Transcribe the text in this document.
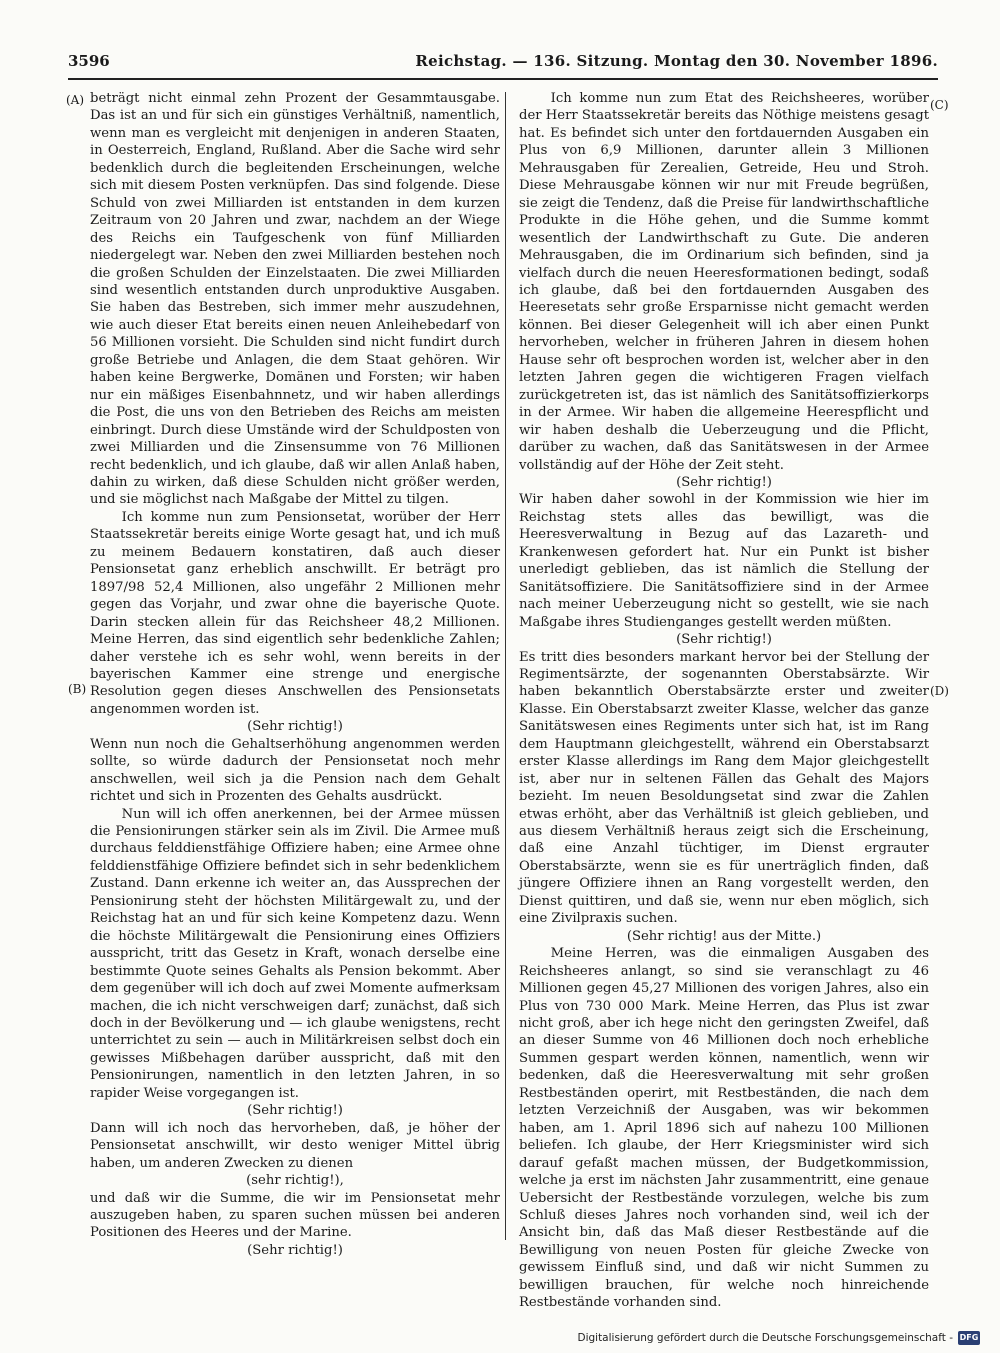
3596	Reichstag. — 136. Sitzung. Montag den 30. November 1896.
(A)
(B)
(C)
(D)

beträgt nicht einmal zehn Prozent der Gesammtausgabe. Das ist an und für sich ein günstiges Verhältniß, namentlich, wenn man es vergleicht mit denjenigen in anderen Staaten, in Oesterreich, England, Rußland. Aber die Sache wird sehr bedenklich durch die begleitenden Erscheinungen, welche sich mit diesem Posten verknüpfen. Das sind folgende. Diese Schuld von zwei Milliarden ist entstanden in dem kurzen Zeitraum von 20 Jahren und zwar, nachdem an der Wiege des Reichs ein Taufgeschenk von fünf Milliarden niedergelegt war. Neben den zwei Milliarden bestehen noch die großen Schulden der Einzelstaaten. Die zwei Milliarden sind wesentlich entstanden durch unproduktive Ausgaben. Sie haben das Bestreben, sich immer mehr auszudehnen, wie auch dieser Etat bereits einen neuen Anleihebedarf von 56 Millionen vorsieht. Die Schulden sind nicht fundirt durch große Betriebe und Anlagen, die dem Staat gehören. Wir haben keine Bergwerke, Domänen und Forsten; wir haben nur ein mäßiges Eisenbahnnetz, und wir haben allerdings die Post, die uns von den Betrieben des Reichs am meisten einbringt. Durch diese Umstände wird der Schuldposten von zwei Milliarden und die Zinsensumme von 76 Millionen recht bedenklich, und ich glaube, daß wir allen Anlaß haben, dahin zu wirken, daß diese Schulden nicht größer werden, und sie möglichst nach Maßgabe der Mittel zu tilgen.

Ich komme nun zum Pensionsetat, worüber der Herr Staatssekretär bereits einige Worte gesagt hat, und ich muß zu meinem Bedauern konstatiren, daß auch dieser Pensionsetat ganz erheblich anschwillt. Er beträgt pro 1897/98 52,4 Millionen, also ungefähr 2 Millionen mehr gegen das Vorjahr, und zwar ohne die bayerische Quote. Darin stecken allein für das Reichsheer 48,2 Millionen. Meine Herren, das sind eigentlich sehr bedenkliche Zahlen; daher verstehe ich es sehr wohl, wenn bereits in der bayerischen Kammer eine strenge und energische Resolution gegen dieses Anschwellen des Pensionsetats angenommen worden ist.

(Sehr richtig!)

Wenn nun noch die Gehaltserhöhung angenommen werden sollte, so würde dadurch der Pensionsetat noch mehr anschwellen, weil sich ja die Pension nach dem Gehalt richtet und sich in Prozenten des Gehalts ausdrückt.

Nun will ich offen anerkennen, bei der Armee müssen die Pensionirungen stärker sein als im Zivil. Die Armee muß durchaus felddienstfähige Offiziere haben; eine Armee ohne felddienstfähige Offiziere befindet sich in sehr bedenklichem Zustand. Dann erkenne ich weiter an, das Aussprechen der Pensionirung steht der höchsten Militärgewalt zu, und der Reichstag hat an und für sich keine Kompetenz dazu. Wenn die höchste Militärgewalt die Pensionirung eines Offiziers ausspricht, tritt das Gesetz in Kraft, wonach derselbe eine bestimmte Quote seines Gehalts als Pension bekommt. Aber dem gegenüber will ich doch auf zwei Momente aufmerksam machen, die ich nicht verschweigen darf; zunächst, daß sich doch in der Bevölkerung und — ich glaube wenigstens, recht unterrichtet zu sein — auch in Militärkreisen selbst doch ein gewisses Mißbehagen darüber ausspricht, daß mit den Pensionirungen, namentlich in den letzten Jahren, in so rapider Weise vorgegangen ist.

(Sehr richtig!)

Dann will ich noch das hervorheben, daß, je höher der Pensionsetat anschwillt, wir desto weniger Mittel übrig haben, um anderen Zwecken zu dienen

(sehr richtig!),

und daß wir die Summe, die wir im Pensionsetat mehr auszugeben haben, zu sparen suchen müssen bei anderen Positionen des Heeres und der Marine.

(Sehr richtig!)

Ich komme nun zum Etat des Reichsheeres, worüber der Herr Staatssekretär bereits das Nöthige meistens gesagt hat. Es befindet sich unter den fortdauernden Ausgaben ein Plus von 6,9 Millionen, darunter allein 3 Millionen Mehrausgaben für Zerealien, Getreide, Heu und Stroh. Diese Mehrausgabe können wir nur mit Freude begrüßen, sie zeigt die Tendenz, daß die Preise für landwirthschaftliche Produkte in die Höhe gehen, und die Summe kommt wesentlich der Landwirthschaft zu Gute. Die anderen Mehrausgaben, die im Ordinarium sich befinden, sind ja vielfach durch die neuen Heeresformationen bedingt, sodaß ich glaube, daß bei den fortdauernden Ausgaben des Heeresetats sehr große Ersparnisse nicht gemacht werden können. Bei dieser Gelegenheit will ich aber einen Punkt hervorheben, welcher in früheren Jahren in diesem hohen Hause sehr oft besprochen worden ist, welcher aber in den letzten Jahren gegen die wichtigeren Fragen vielfach zurückgetreten ist, das ist nämlich des Sanitätsoffizierkorps in der Armee. Wir haben die allgemeine Heerespflicht und wir haben deshalb die Ueberzeugung und die Pflicht, darüber zu wachen, daß das Sanitätswesen in der Armee vollständig auf der Höhe der Zeit steht.

(Sehr richtig!)

Wir haben daher sowohl in der Kommission wie hier im Reichstag stets alles das bewilligt, was die Heeresverwaltung in Bezug auf das Lazareth- und Krankenwesen gefordert hat. Nur ein Punkt ist bisher unerledigt geblieben, das ist nämlich die Stellung der Sanitätsoffiziere. Die Sanitätsoffiziere sind in der Armee nach meiner Ueberzeugung nicht so gestellt, wie sie nach Maßgabe ihres Studienganges gestellt werden müßten.

(Sehr richtig!)

Es tritt dies besonders markant hervor bei der Stellung der Regimentsärzte, der sogenannten Oberstabsärzte. Wir haben bekanntlich Oberstabsärzte erster und zweiter Klasse. Ein Oberstabsarzt zweiter Klasse, welcher das ganze Sanitätswesen eines Regiments unter sich hat, ist im Rang dem Hauptmann gleichgestellt, während ein Oberstabsarzt erster Klasse allerdings im Rang dem Major gleichgestellt ist, aber nur in seltenen Fällen das Gehalt des Majors bezieht. Im neuen Besoldungsetat sind zwar die Zahlen etwas erhöht, aber das Verhältniß ist gleich geblieben, und aus diesem Verhältniß heraus zeigt sich die Erscheinung, daß eine Anzahl tüchtiger, im Dienst ergrauter Oberstabsärzte, wenn sie es für unerträglich finden, daß jüngere Offiziere ihnen an Rang vorgestellt werden, den Dienst quittiren, und daß sie, wenn nur eben möglich, sich eine Zivilpraxis suchen.

(Sehr richtig! aus der Mitte.)

Meine Herren, was die einmaligen Ausgaben des Reichsheeres anlangt, so sind sie veranschlagt zu 46 Millionen gegen 45,27 Millionen des vorigen Jahres, also ein Plus von 730 000 Mark. Meine Herren, das Plus ist zwar nicht groß, aber ich hege nicht den geringsten Zweifel, daß an dieser Summe von 46 Millionen doch noch erhebliche Summen gespart werden können, namentlich, wenn wir bedenken, daß die Heeresverwaltung mit sehr großen Restbeständen operirt, mit Restbeständen, die nach dem letzten Verzeichniß der Ausgaben, was wir bekommen haben, am 1. April 1896 sich auf nahezu 100 Millionen beliefen. Ich glaube, der Herr Kriegsminister wird sich darauf gefaßt machen müssen, der Budgetkommission, welche ja erst im nächsten Jahr zusammentritt, eine genaue Uebersicht der Restbestände vorzulegen, welche bis zum Schluß dieses Jahres noch vorhanden sind, weil ich der Ansicht bin, daß das Maß dieser Restbestände auf die Bewilligung von neuen Posten für gleiche Zwecke von gewissem Einfluß sind, und daß wir nicht Summen zu bewilligen brauchen, für welche noch hinreichende Restbestände vorhanden sind.

Digitalisierung gefördert durch die Deutsche Forschungsgemeinschaft - DFG
